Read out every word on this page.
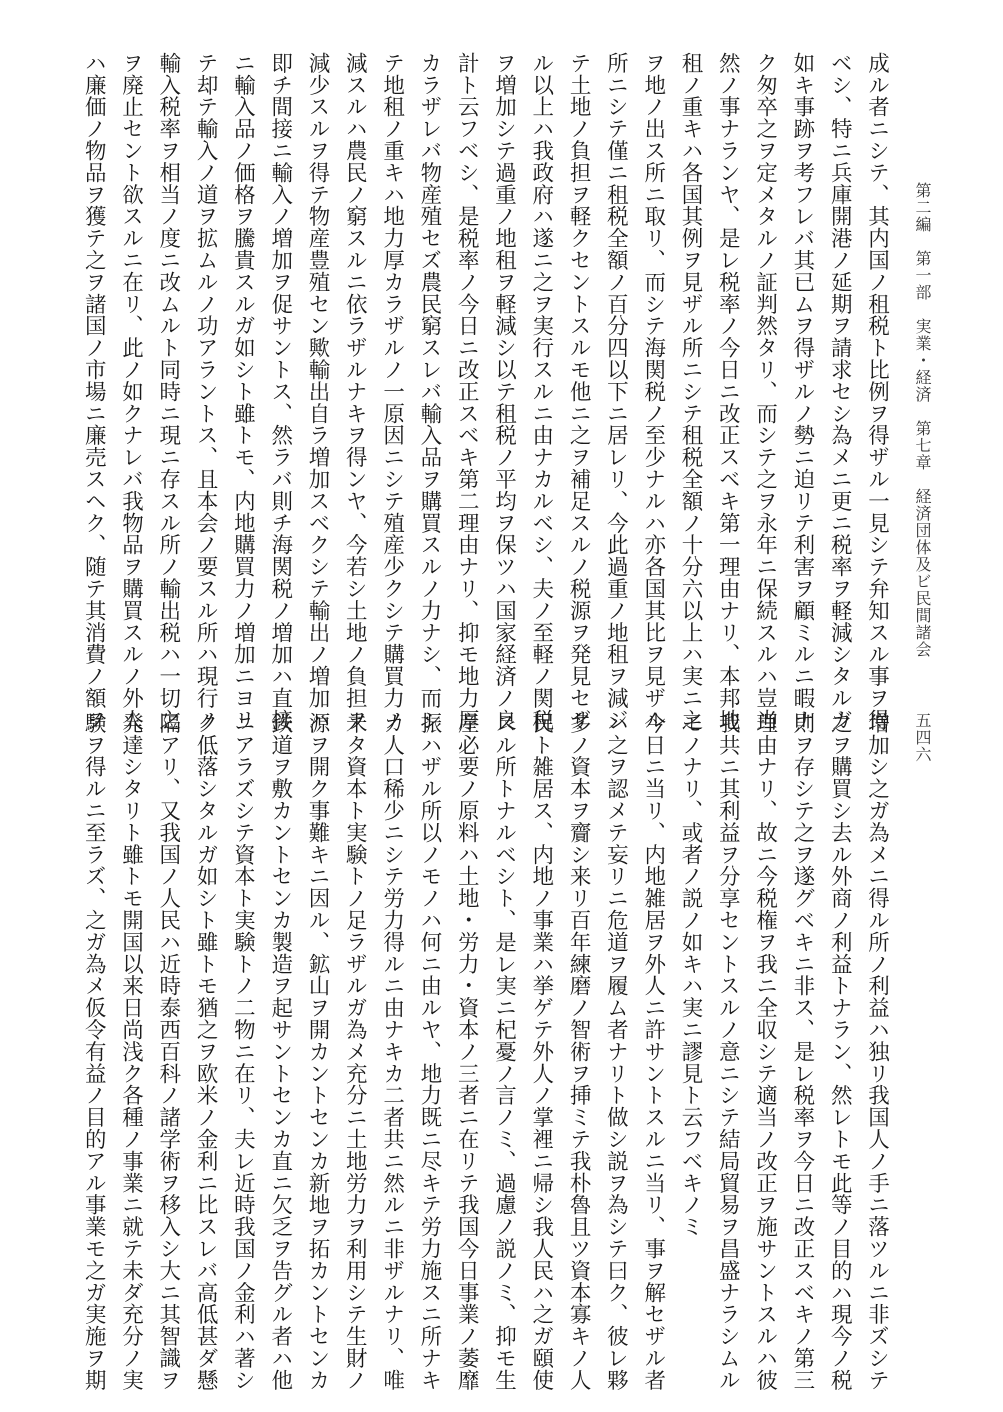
第二編　第一部　実業・経済　第七章　経済団体及ビ民間諸会
五四六
成ル者ニシテ、其内国ノ租税ト比例ヲ得ザル一見シテ弁知スル事ヲ得
ベシ、特ニ兵庫開港ノ延期ヲ請求セシ為メニ更ニ税率ヲ軽減シタルガ
如キ事跡ヲ考フレバ其已ムヲ得ザルノ勢ニ迫リテ利害ヲ顧ミルニ暇ナ
ク匆卒之ヲ定メタルノ証判然タリ、而シテ之ヲ永年ニ保続スルハ豈当
然ノ事ナランヤ、是レ税率ノ今日ニ改正スベキ第一理由ナリ、本邦地
租ノ重キハ各国其例ヲ見ザル所ニシテ租税全額ノ十分六以上ハ実ニ之
ヲ地ノ出ス所ニ取リ、而シテ海関税ノ至少ナルハ亦各国其比ヲ見ザル
所ニシテ僅ニ租税全額ノ百分四以下ニ居レリ、今此過重ノ地租ヲ減ジ
テ土地ノ負担ヲ軽クセントスルモ他ニ之ヲ補足スルノ税源ヲ発見セザ
ル以上ハ我政府ハ遂ニ之ヲ実行スルニ由ナカルベシ、夫ノ至軽ノ関税
ヲ増加シテ過重ノ地租ヲ軽減シ以テ租税ノ平均ヲ保ツハ国家経済ノ良
計ト云フベシ、是税率ノ今日ニ改正スベキ第二理由ナリ、抑モ地力厚
カラザレバ物産殖セズ農民窮スレバ輸入品ヲ購買スルノ力ナシ、而シ
テ地租ノ重キハ地力厚カラザルノ一原因ニシテ殖産少クシテ購買力ノ
減スルハ農民ノ窮スルニ依ラザルナキヲ得ンヤ、今若シ土地ノ負担ヲ
減少スルヲ得テ物産豊殖セン歟輸出自ラ増加スベクシテ輸出ノ増加ハ
即チ間接ニ輸入ノ増加ヲ促サントス、然ラバ則チ海関税ノ増加ハ直接
ニ輸入品ノ価格ヲ騰貴スルガ如シト雖トモ、内地購買力ノ増加ニヨリ
テ却テ輸入ノ道ヲ拡ムルノ功アラントス、且本会ノ要スル所ハ現行ノ
輸入税率ヲ相当ノ度ニ改ムルト同時ニ現ニ存スル所ノ輸出税ハ一切之
ヲ廃止セント欲スルニ在リ、此ノ如クナレバ我物品ヲ購買スルノ外人
ハ廉価ノ物品ヲ獲テ之ヲ諸国ノ市場ニ廉売スヘク、随テ其消費ノ額ヲ
増加シ之ガ為メニ得ル所ノ利益ハ独リ我国人ノ手ニ落ツルニ非ズシテ
之ヲ購買シ去ル外商ノ利益トナラン、然レトモ此等ノ目的ハ現今ノ税
則ヲ存シテ之ヲ遂グベキニ非ス、是レ税率ヲ今日ニ改正スベキノ第三
理由ナリ、故ニ今税権ヲ我ニ全収シテ適当ノ改正ヲ施サントスルハ彼
我共ニ其利益ヲ分享セントスルノ意ニシテ結局貿易ヲ昌盛ナラシムル
モノナリ、或者ノ説ノ如キハ実ニ謬見ト云フベキノミ
今日ニ当リ、内地雑居ヲ外人ニ許サントスルニ当リ、事ヲ解セザル者
ハ之ヲ認メテ妄リニ危道ヲ履ム者ナリト做シ説ヲ為シテ曰ク、彼レ夥
多ノ資本ヲ齎シ来リ百年練磨ノ智術ヲ挿ミテ我朴魯且ツ資本寡キノ人
民ト雑居ス、内地ノ事業ハ挙ゲテ外人ノ掌裡ニ帰シ我人民ハ之ガ頤使
スル所トナルベシト、是レ実ニ杞憂ノ言ノミ、過慮ノ説ノミ、抑モ生
産必要ノ原料ハ土地・労力・資本ノ三者ニ在リテ我国今日事業ノ萎靡
振ハザル所以ノモノハ何ニ由ルヤ、地力既ニ尽キテ労力施スニ所ナキ
カ人口稀少ニシテ労力得ルニ由ナキカ二者共ニ然ルニ非ザルナリ、唯
未タ資本ト実験トノ足ラザルガ為メ充分ニ土地労力ヲ利用シテ生財ノ
源ヲ開ク事難キニ因ル、鉱山ヲ開カントセンカ新地ヲ拓カントセンカ
鉄道ヲ敷カントセンカ製造ヲ起サントセンカ直ニ欠乏ヲ告グル者ハ他
ニアラズシテ資本ト実験トノ二物ニ在リ、夫レ近時我国ノ金利ハ著シ
ク低落シタルガ如シト雖トモ猶之ヲ欧米ノ金利ニ比スレバ高低甚ダ懸
隔アリ、又我国ノ人民ハ近時泰西百科ノ諸学術ヲ移入シ大ニ其智識ヲ
発達シタリト雖トモ開国以来日尚浅ク各種ノ事業ニ就テ未ダ充分ノ実
験ヲ得ルニ至ラズ、之ガ為メ仮令有益ノ目的アル事業モ之ガ実施ヲ期
